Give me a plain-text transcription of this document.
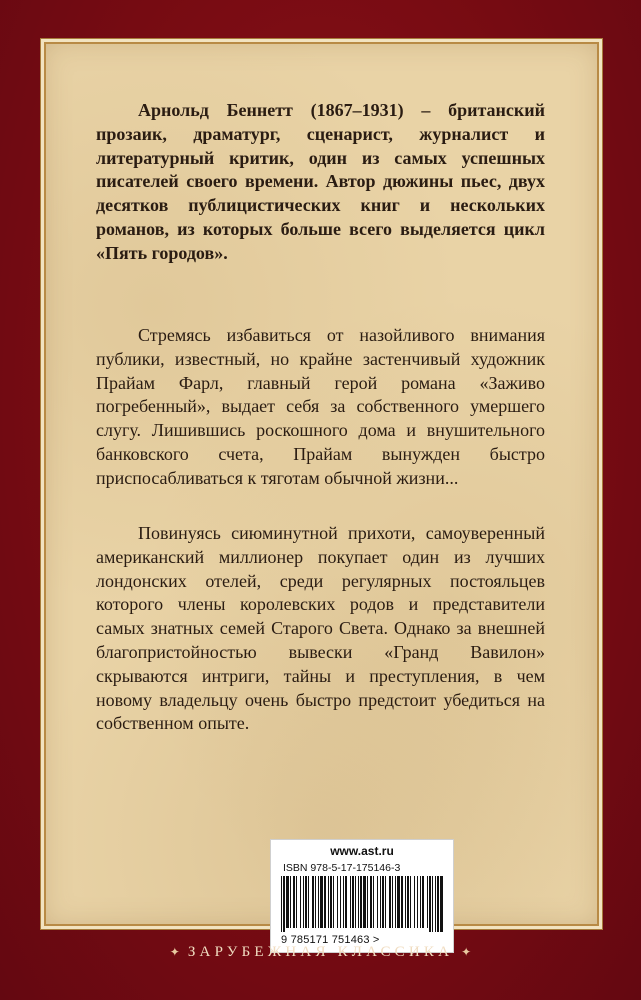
Арнольд Беннетт (1867–1931) – британский прозаик, драматург, сценарист, журналист и литературный критик, один из самых успешных писателей своего времени. Автор дюжины пьес, двух десятков публицистических книг и нескольких романов, из которых больше всего выделяется цикл «Пять городов».
Стремясь избавиться от назойливого внимания публики, известный, но крайне застенчивый художник Прайам Фарл, главный герой романа «Заживо погребенный», выдает себя за собственного умершего слугу. Лишившись роскошного дома и внушительного банковского счета, Прайам вынужден быстро приспосабливаться к тяготам обычной жизни...
Повинуясь сиюминутной прихоти, самоуверенный американский миллионер покупает один из лучших лондонских отелей, среди регулярных постояльцев которого члены королевских родов и представители самых знатных семей Старого Света. Однако за внешней благопристойностью вывески «Гранд Вавилон» скрываются интриги, тайны и преступления, в чем новому владельцу очень быстро предстоит убедиться на собственном опыте.
www.ast.ru
ISBN 978-5-17-175146-3
9 785171 751463 >
✦ ЗАРУБЕЖНАЯ КЛАССИКА ✦
